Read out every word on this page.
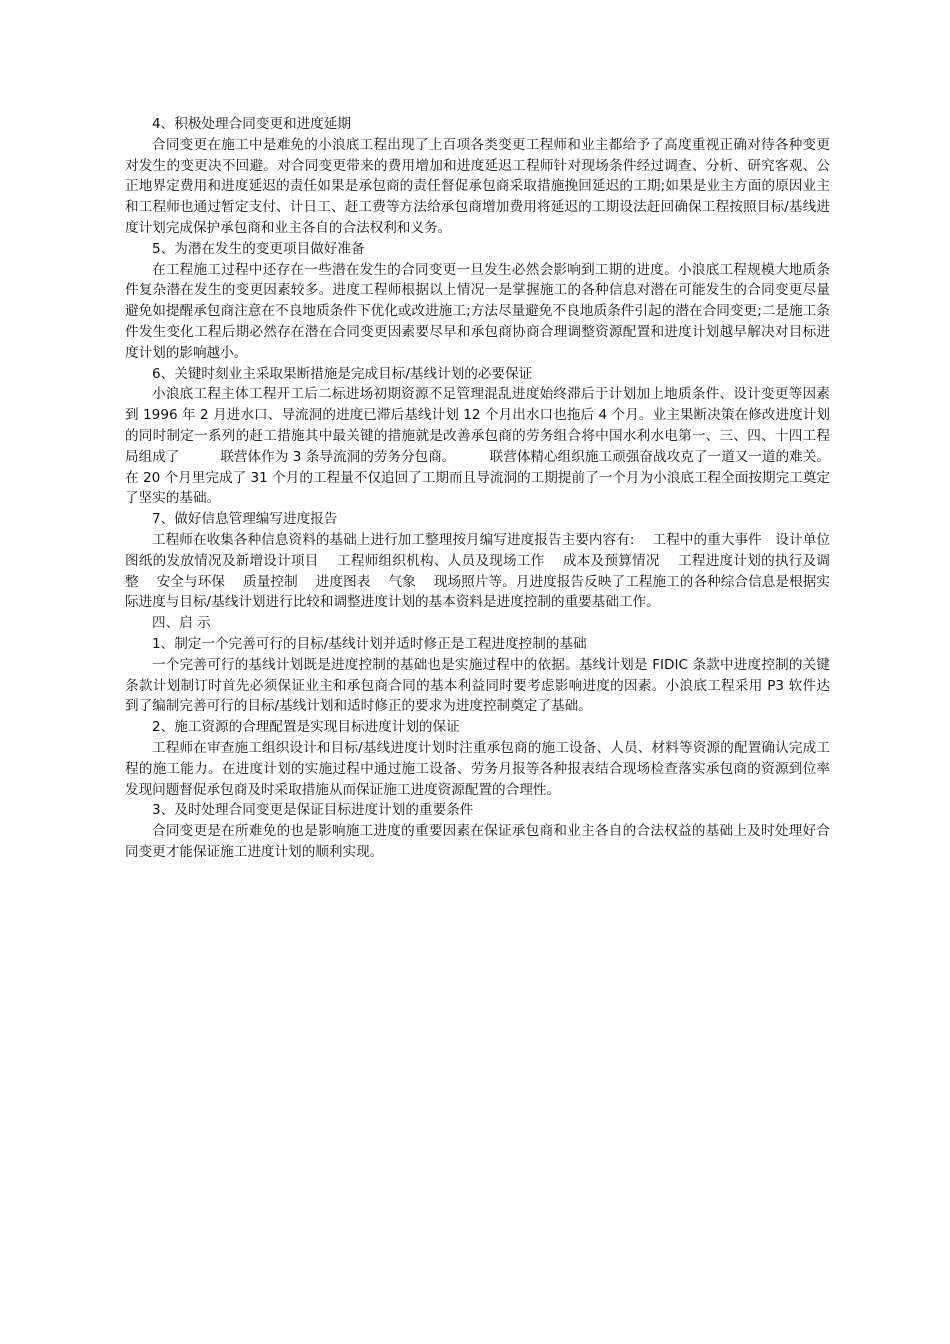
4、积极处理合同变更和进度延期

合同变更在施工中是难免的小浪底工程出现了上百项各类变更工程师和业主都给予了高度重视正确对待各种变更对发生的变更决不回避。对合同变更带来的费用增加和进度延迟工程师针对现场条件经过调查、分析、研究客观、公正地界定费用和进度延迟的责任如果是承包商的责任督促承包商采取措施挽回延迟的工期;如果是业主方面的原因业主和工程师也通过暂定支付、计日工、赶工费等方法给承包商增加费用将延迟的工期设法赶回确保工程按照目标/基线进度计划完成保护承包商和业主各自的合法权利和义务。

5、为潜在发生的变更项目做好准备

在工程施工过程中还存在一些潜在发生的合同变更一旦发生必然会影响到工期的进度。小浪底工程规模大地质条件复杂潜在发生的变更因素较多。进度工程师根据以上情况一是掌握施工的各种信息对潜在可能发生的合同变更尽量避免如提醒承包商注意在不良地质条件下优化或改进施工;方法尽量避免不良地质条件引起的潜在合同变更;二是施工条件发生变化工程后期必然存在潜在合同变更因素要尽早和承包商协商合理调整资源配置和进度计划越早解决对目标进度计划的影响越小。

6、关键时刻业主采取果断措施是完成目标/基线计划的必要保证

小浪底工程主体工程开工后二标进场初期资源不足管理混乱进度始终滞后于计划加上地质条件、设计变更等因素到 1996 年 2 月进水口、导流洞的进度已滞后基线计划 12 个月出水口也拖后 4 个月。业主果断决策在修改进度计划的同时制定一系列的赶工措施其中最关键的措施就是改善承包商的劳务组合将中国水利水电第一、三、四、十四工程局组成了　　　联营体作为 3 条导流洞的劳务分包商。　　　联营体精心组织施工顽强奋战攻克了一道又一道的难关。在 20 个月里完成了 31 个月的工程量不仅追回了工期而且导流洞的工期提前了一个月为小浪底工程全面按期完工奠定了坚实的基础。

7、做好信息管理编写进度报告

工程师在收集各种信息资料的基础上进行加工整理按月编写进度报告主要内容有:　 工程中的重大事件　设计单位图纸的发放情况及新增设计项目　 工程师组织机构、人员及现场工作　 成本及预算情况　 工程进度计划的执行及调整　 安全与环保　 质量控制　 进度图表　 气象　 现场照片等。月进度报告反映了工程施工的各种综合信息是根据实际进度与目标/基线计划进行比较和调整进度计划的基本资料是进度控制的重要基础工作。

四、启 示

1、制定一个完善可行的目标/基线计划并适时修正是工程进度控制的基础

一个完善可行的基线计划既是进度控制的基础也是实施过程中的依据。基线计划是 FIDIC 条款中进度控制的关键条款计划制订时首先必须保证业主和承包商合同的基本利益同时要考虑影响进度的因素。小浪底工程采用 P3 软件达到了编制完善可行的目标/基线计划和适时修正的要求为进度控制奠定了基础。

2、施工资源的合理配置是实现目标进度计划的保证

工程师在审查施工组织设计和目标/基线进度计划时注重承包商的施工设备、人员、材料等资源的配置确认完成工程的施工能力。在进度计划的实施过程中通过施工设备、劳务月报等各种报表结合现场检查落实承包商的资源到位率发现问题督促承包商及时采取措施从而保证施工进度资源配置的合理性。

3、及时处理合同变更是保证目标进度计划的重要条件

合同变更是在所难免的也是影响施工进度的重要因素在保证承包商和业主各自的合法权益的基础上及时处理好合同变更才能保证施工进度计划的顺利实现。
